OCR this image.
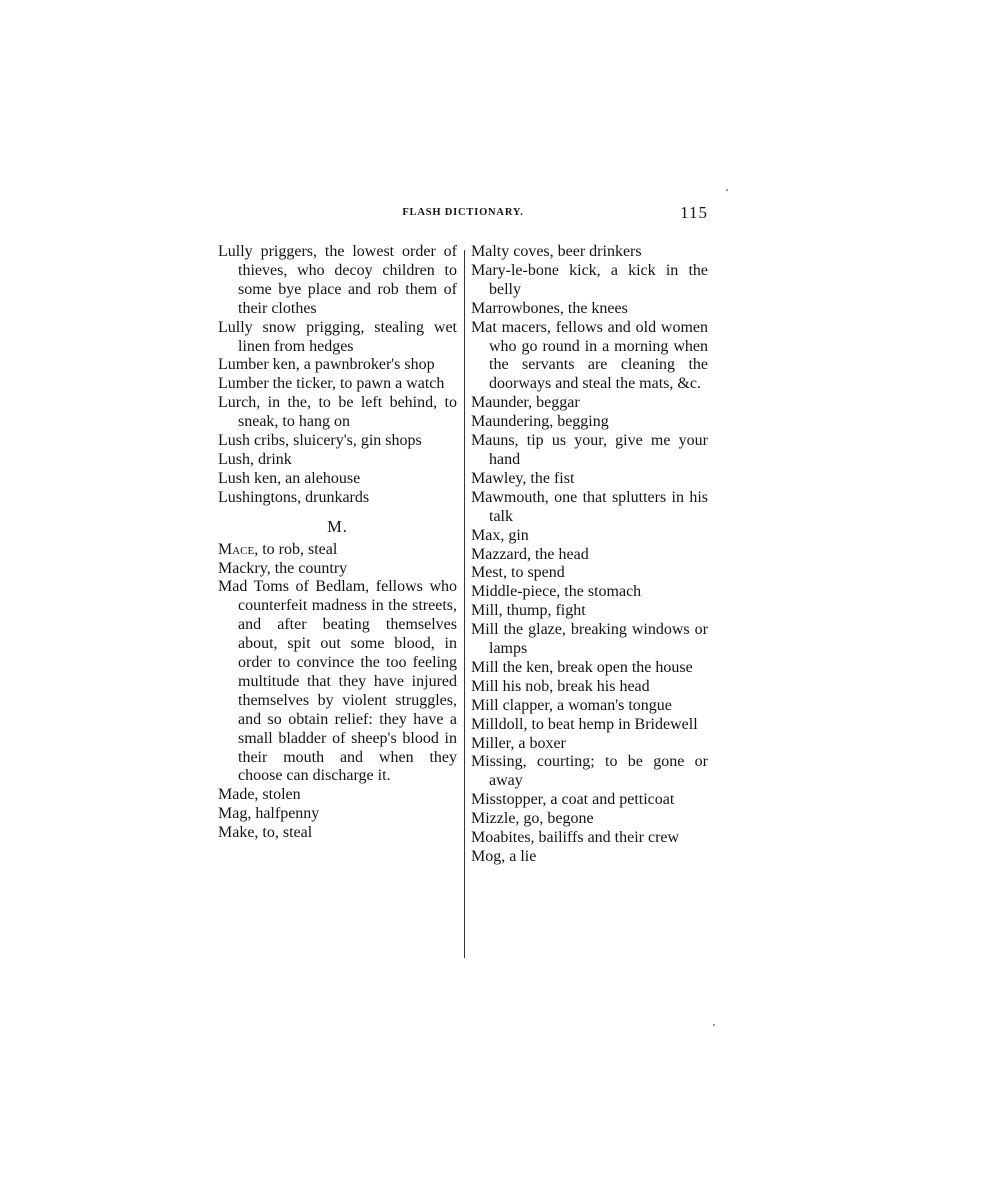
FLASH DICTIONARY.	115

Lully priggers, the lowest order of thieves, who decoy children to some bye place and rob them of their clothes

Lully snow prigging, stealing wet linen from hedges

Lumber ken, a pawnbroker's shop

Lumber the ticker, to pawn a watch

Lurch, in the, to be left behind, to sneak, to hang on

Lush cribs, sluicery's, gin shops

Lush, drink

Lush ken, an alehouse

Lushingtons, drunkards

M.

Mace, to rob, steal

Mackry, the country

Mad Toms of Bedlam, fellows who counterfeit madness in the streets, and after beating themselves about, spit out some blood, in order to convince the too feeling multitude that they have injured themselves by violent struggles, and so obtain relief: they have a small bladder of sheep's blood in their mouth and when they choose can discharge it.

Made, stolen

Mag, halfpenny

Make, to, steal

Malty coves, beer drinkers

Mary-le-bone kick, a kick in the belly

Marrowbones, the knees

Mat macers, fellows and old women who go round in a morning when the servants are cleaning the doorways and steal the mats, &c.

Maunder, beggar

Maundering, begging

Mauns, tip us your, give me your hand

Mawley, the fist

Mawmouth, one that splutters in his talk

Max, gin

Mazzard, the head

Mest, to spend

Middle-piece, the stomach

Mill, thump, fight

Mill the glaze, breaking windows or lamps

Mill the ken, break open the house

Mill his nob, break his head

Mill clapper, a woman's tongue

Milldoll, to beat hemp in Bridewell

Miller, a boxer

Missing, courting; to be gone or away

Misstopper, a coat and petticoat

Mizzle, go, begone

Moabites, bailiffs and their crew

Mog, a lie
